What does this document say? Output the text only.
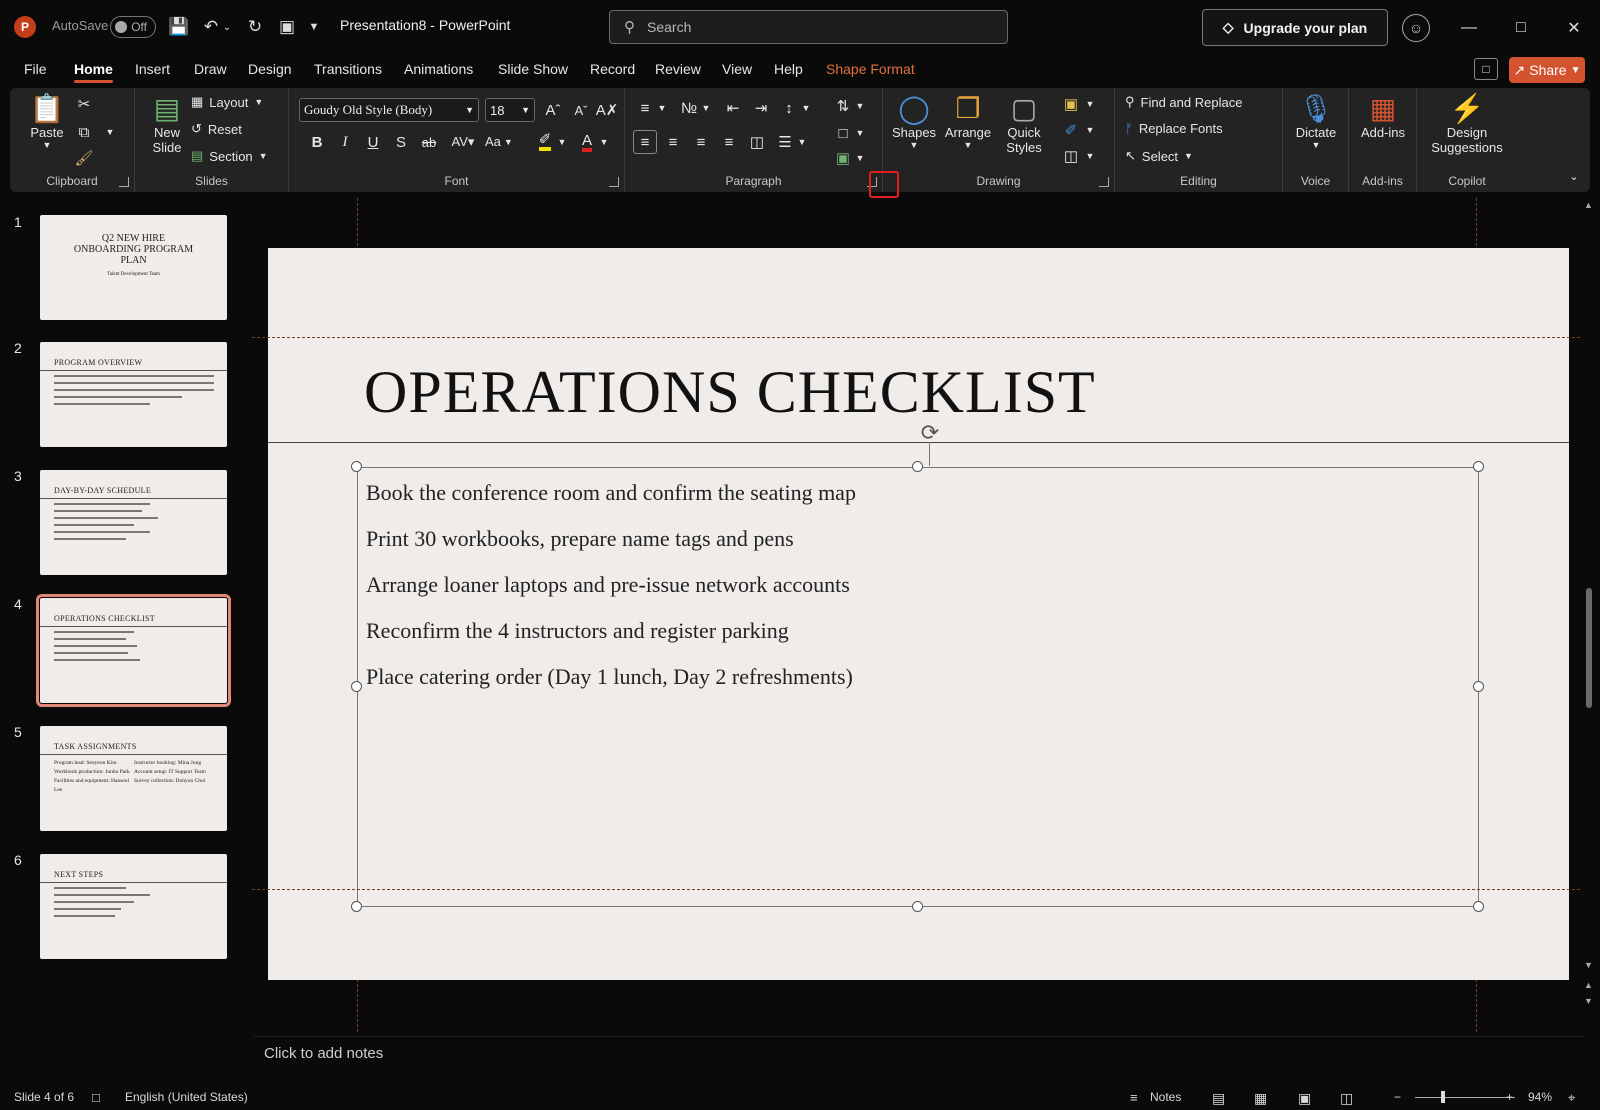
P	AutoSave Off 💾 ↶ ⌄ ↻ ▣	▼ Presentation8 - PowerPoint	⚲ Search	◇ Upgrade your plan	☺	—	□	✕
File Home Insert Draw Design Transitions Animations Slide Show Record Review View Help Shape Format	□	↗ Share ▼
📋
Paste
▼
✂
⧉	▼
🖌
Clipboard
▤
New
Slide
▦ Layout ▼
↺ Reset
▤ Section ▼
Slides
Goudy Old Style (Body)	▼ 18 ▼	Aˆ	Aˇ A✗
B	I	U	S	ab	AV▾ Aa ▼ ✐ ▼ A ▼
Font
≡ ▼ № ▼	⇤	⇥	↕ ▼
≡	≡	≡	≡	◫ ☰ ▼
⇅ ▼
□ ▼
▣ ▼
Paragraph
◯
Shapes
▼
❐
Arrange
▼
▢
Quick
Styles
▣ ▼
✐ ▼
◫ ▼
Drawing
⚲ Find and Replace
ᚠ Replace Fonts
↖ Select ▼
Editing
🎙
Dictate
▼
Voice
▦
Add-ins
Add-ins
⚡
Design
Suggestions
Copilot	⌄
1
Q2 NEW HIRE
ONBOARDING PROGRAM
PLAN
Talent Development Team
2
PROGRAM OVERVIEW
3
DAY-BY-DAY SCHEDULE
4
OPERATIONS CHECKLIST
5
TASK ASSIGNMENTS
Program lead: Seoyeon Kim	Instructor booking: Mina Jung
Workbook production: Junho Park Account setup: IT Support Team
Facilities and equipment: Hanseul Lee
Survey collection: Dohyun Choi
6
NEXT STEPS
OPERATIONS CHECKLIST
⟳
Book the conference room and confirm the seating map
Print 30 workbooks, prepare name tags and pens
Arrange loaner laptops and pre-issue network accounts
Reconfirm the 4 instructors and register parking
Place catering order (Day 1 lunch, Day 2 refreshments)
▲
▼
▲
▼
Click to add notes
Slide 4 of 6 □ English (United States)	≡ Notes ▤ ▦ ▣ ◫	−	+ 94% ⌖
